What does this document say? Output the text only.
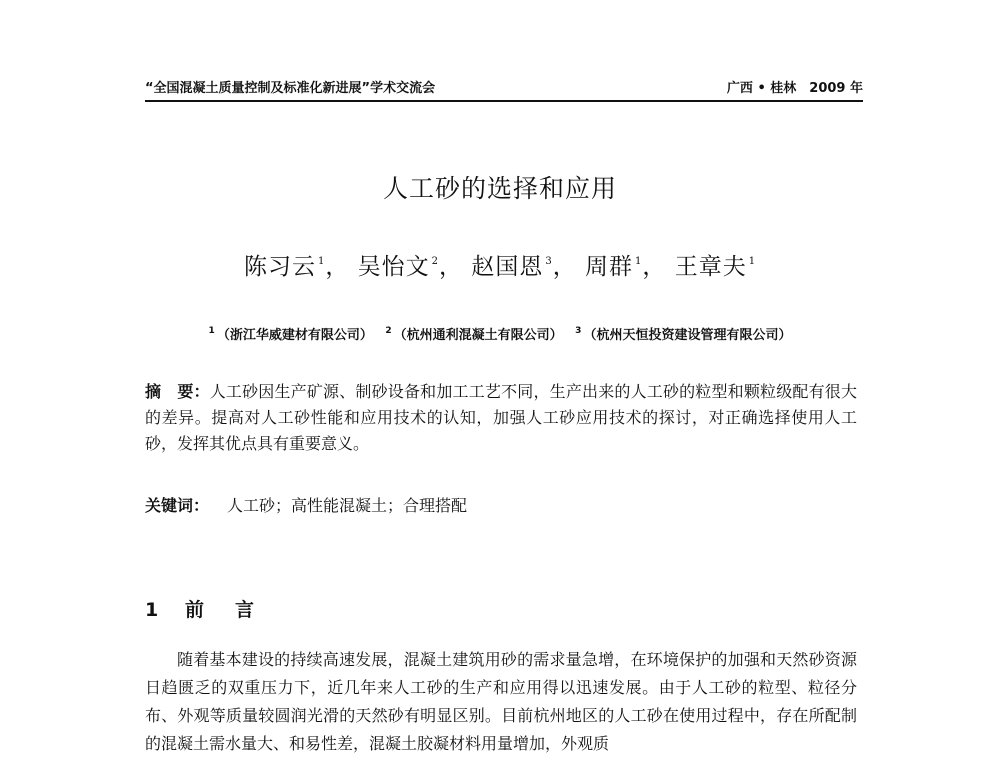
“全国混凝土质量控制及标准化新进展”学术交流会	广西 • 桂林　2009 年
人工砂的选择和应用
陈习云 $^1$， 吴怡文 $^2$， 赵国恩 $^3$， 周群 $^1$， 王章夫 $^1$
$^1$ （浙江华威建材有限公司） $^2$ （杭州通利混凝土有限公司） $^3$ （杭州天恒投资建设管理有限公司）
摘　要：人工砂因生产矿源、制砂设备和加工工艺不同，生产出来的人工砂的粒型和颗粒级配有很大的差异。提高对人工砂性能和应用技术的认知，加强人工砂应用技术的探讨，对正确选择使用人工砂，发挥其优点具有重要意义。
关键词： 人工砂；高性能混凝土；合理搭配
1 前 言
随着基本建设的持续高速发展，混凝土建筑用砂的需求量急增，在环境保护的加强和天然砂资源日趋匮乏的双重压力下，近几年来人工砂的生产和应用得以迅速发展。由于人工砂的粒型、粒径分布、外观等质量较圆润光滑的天然砂有明显区别。目前杭州地区的人工砂在使用过程中，存在所配制的混凝土需水量大、和易性差，混凝土胶凝材料用量增加，外观质
